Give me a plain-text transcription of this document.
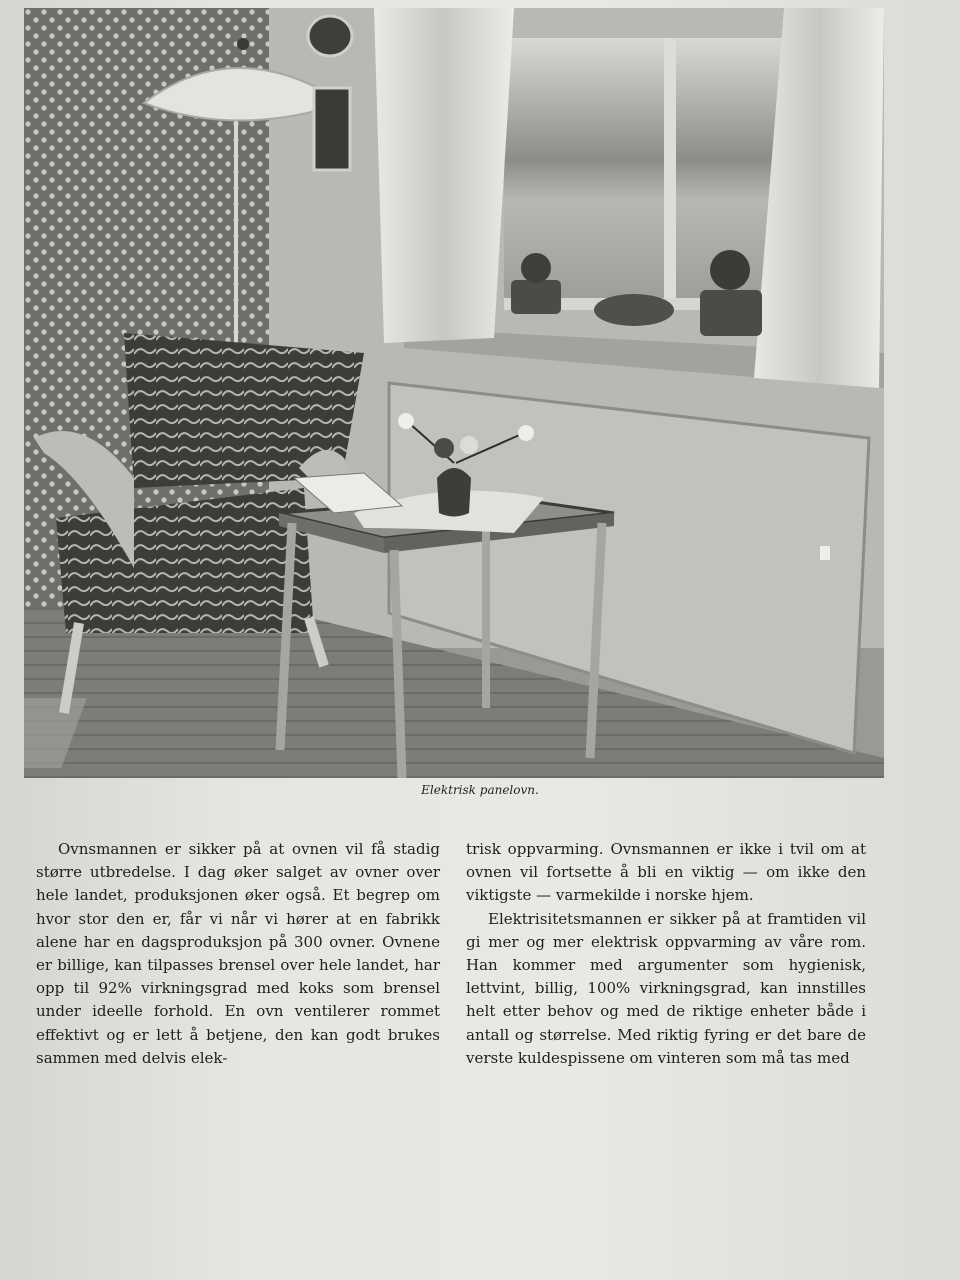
Elektrisk panelovn.

Ovnsmannen er sikker på at ovnen vil få stadig større utbredelse. I dag øker salget av ovner over hele landet, produksjonen øker også. Et begrep om hvor stor den er, får vi når vi hører at en fabrikk alene har en dagsproduksjon på 300 ovner. Ovnene er billige, kan tilpasses brensel over hele landet, har opp til 92% virkningsgrad med koks som brensel under ideelle forhold. En ovn ventilerer rommet effektivt og er lett å betjene, den kan godt brukes sammen med delvis elek-

trisk oppvarming. Ovnsmannen er ikke i tvil om at ovnen vil fortsette å bli en viktig — om ikke den viktigste — varmekilde i norske hjem.

Elektrisitetsmannen er sikker på at framtiden vil gi mer og mer elektrisk oppvarming av våre rom. Han kommer med argumenter som hygienisk, lettvint, billig, 100% virkningsgrad, kan innstilles helt etter behov og med de riktige enheter både i antall og størrelse. Med riktig fyring er det bare de verste kuldespissene om vinteren som må tas med
